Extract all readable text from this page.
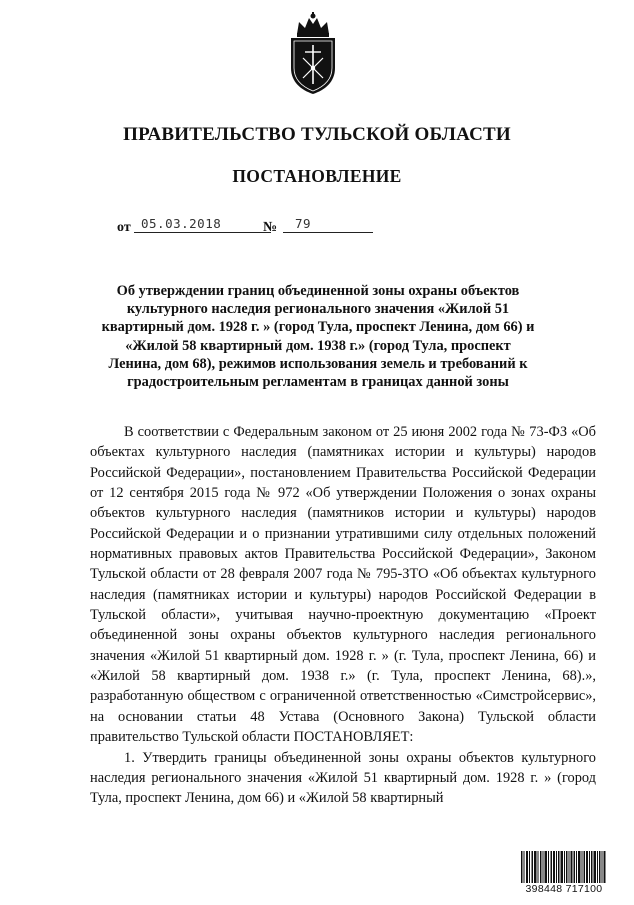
ПРАВИТЕЛЬСТВО ТУЛЬСКОЙ ОБЛАСТИ
ПОСТАНОВЛЕНИЕ
от 05.03.2018	№ 79
Об утверждении границ объединенной зоны охраны объектов культурного наследия регионального значения «Жилой 51 квартирный дом. 1928 г. » (город Тула, проспект Ленина, дом 66) и «Жилой 58 квартирный дом. 1938 г.» (город Тула, проспект Ленина, дом 68), режимов использования земель и требований к градостроительным регламентам в границах данной зоны

В соответствии с Федеральным законом от 25 июня 2002 года № 73-ФЗ «Об объектах культурного наследия (памятниках истории и культуры) народов Российской Федерации», постановлением Правительства Российской Федерации от 12 сентября 2015 года № 972 «Об утверждении Положения о зонах охраны объектов культурного наследия (памятников истории и культуры) народов Российской Федерации и о признании утратившими силу отдельных положений нормативных правовых актов Правительства Российской Федерации», Законом Тульской области от 28 февраля 2007 года № 795-ЗТО «Об объектах культурного наследия (памятниках истории и культуры) народов Российской Федерации в Тульской области», учитывая научно-проектную документацию «Проект объединенной зоны охраны объектов культурного наследия регионального значения «Жилой 51 квартирный дом. 1928 г. » (г. Тула, проспект Ленина, 66) и «Жилой 58 квартирный дом. 1938 г.» (г. Тула, проспект Ленина, 68).», разработанную обществом с ограниченной ответственностью «Симстройсервис», на основании статьи 48 Устава (Основного Закона) Тульской области правительство Тульской области ПОСТАНОВЛЯЕТ:

1. Утвердить границы объединенной зоны охраны объектов культурного наследия регионального значения «Жилой 51 квартирный дом. 1928 г. » (город Тула, проспект Ленина, дом 66) и «Жилой 58 квартирный

398448 717100
